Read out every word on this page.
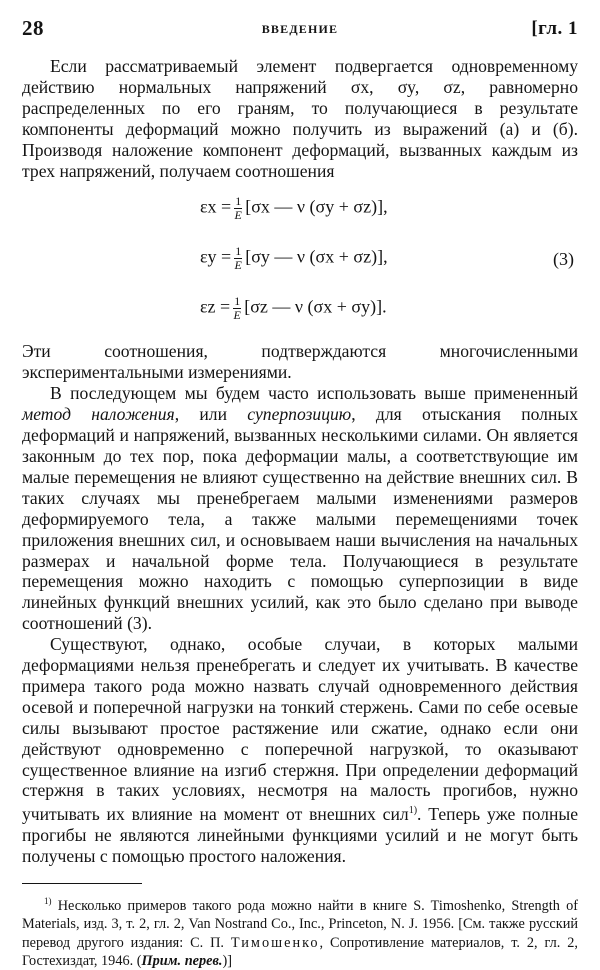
28	ВВЕДЕНИЕ	[гл. 1

Если рассматриваемый элемент подвергается одновременному действию нормальных напряжений σx, σy, σz, равномерно распределенных по его граням, то получающиеся в результате компоненты деформаций можно получить из выражений (а) и (б). Производя наложение компонент деформаций, вызванных каждым из трех напряжений, получаем соотношения

$\varepsilon x = \frac{1}{E} [\sigma x$ — ν (σy + σz)],
$\varepsilon y = \frac{1}{E} [\sigma y$ — ν (σx + σz)],
$\varepsilon z = \frac{1}{E} [\sigma z$ — ν (σx + σy)].
(3)

Эти соотношения, подтверждаются многочисленными экспериментальными измерениями.

В последующем мы будем часто использовать выше примененный метод наложения, или суперпозицию, для отыскания полных деформаций и напряжений, вызванных несколькими силами. Он является законным до тех пор, пока деформации малы, а соответствующие им малые перемещения не влияют существенно на действие внешних сил. В таких случаях мы пренебрегаем малыми изменениями размеров деформируемого тела, а также малыми перемещениями точек приложения внешних сил, и основываем наши вычисления на начальных размерах и начальной форме тела. Получающиеся в результате перемещения можно находить с помощью суперпозиции в виде линейных функций внешних усилий, как это было сделано при выводе соотношений (3).

Существуют, однако, особые случаи, в которых малыми деформациями нельзя пренебрегать и следует их учитывать. В качестве примера такого рода можно назвать случай одновременного действия осевой и поперечной нагрузки на тонкий стержень. Сами по себе осевые силы вызывают простое растяжение или сжатие, однако если они действуют одновременно с поперечной нагрузкой, то оказывают существенное влияние на изгиб стержня. При определении деформаций стержня в таких условиях, несмотря на малость прогибов, нужно учитывать их влияние на момент от внешних сил$^{1)}$. Теперь уже полные прогибы не являются линейными функциями усилий и не могут быть получены с помощью простого наложения.

$^{1)}$ Несколько примеров такого рода можно найти в книге S. Timoshenko, Strength of Materials, изд. 3, т. 2, гл. 2, Van Nostrand Co., Inc., Princeton, N. J. 1956. [См. также русский перевод другого издания: С. П. Тимошенко, Сопротивление материалов, т. 2, гл. 2, Гостехиздат, 1946. (Прим. перев.)]
